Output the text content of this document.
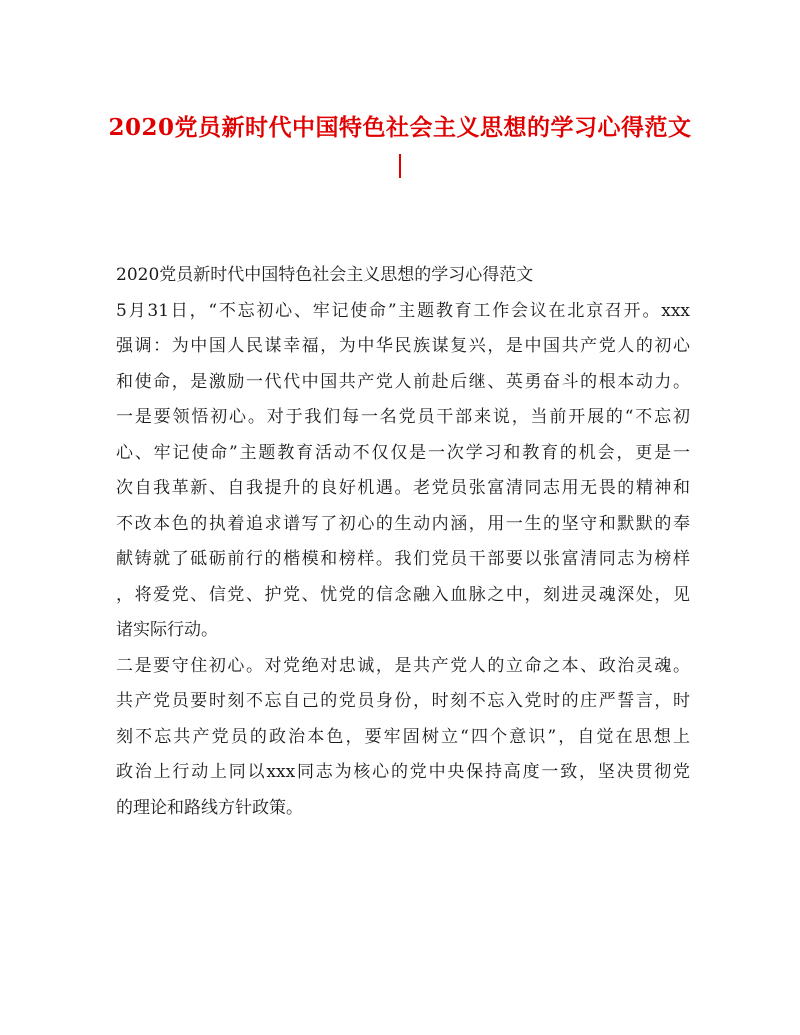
2020党员新时代中国特色社会主义思想的学习心得范文
2020党员新时代中国特色社会主义思想的学习心得范文
5月31日，“不忘初心、牢记使命”主题教育工作会议在北京召开。xxx
强调：为中国人民谋幸福，为中华民族谋复兴，是中国共产党人的初心
和使命，是激励一代代中国共产党人前赴后继、英勇奋斗的根本动力。
一是要领悟初心。对于我们每一名党员干部来说，当前开展的“不忘初
心、牢记使命”主题教育活动不仅仅是一次学习和教育的机会，更是一
次自我革新、自我提升的良好机遇。老党员张富清同志用无畏的精神和
不改本色的执着追求谱写了初心的生动内涵，用一生的坚守和默默的奉
献铸就了砥砺前行的楷模和榜样。我们党员干部要以张富清同志为榜样
，将爱党、信党、护党、忧党的信念融入血脉之中，刻进灵魂深处，见
诸实际行动。
二是要守住初心。对党绝对忠诚，是共产党人的立命之本、政治灵魂。
共产党员要时刻不忘自己的党员身份，时刻不忘入党时的庄严誓言，时
刻不忘共产党员的政治本色，要牢固树立“四个意识”，自觉在思想上
政治上行动上同以xxx同志为核心的党中央保持高度一致，坚决贯彻党
的理论和路线方针政策。
